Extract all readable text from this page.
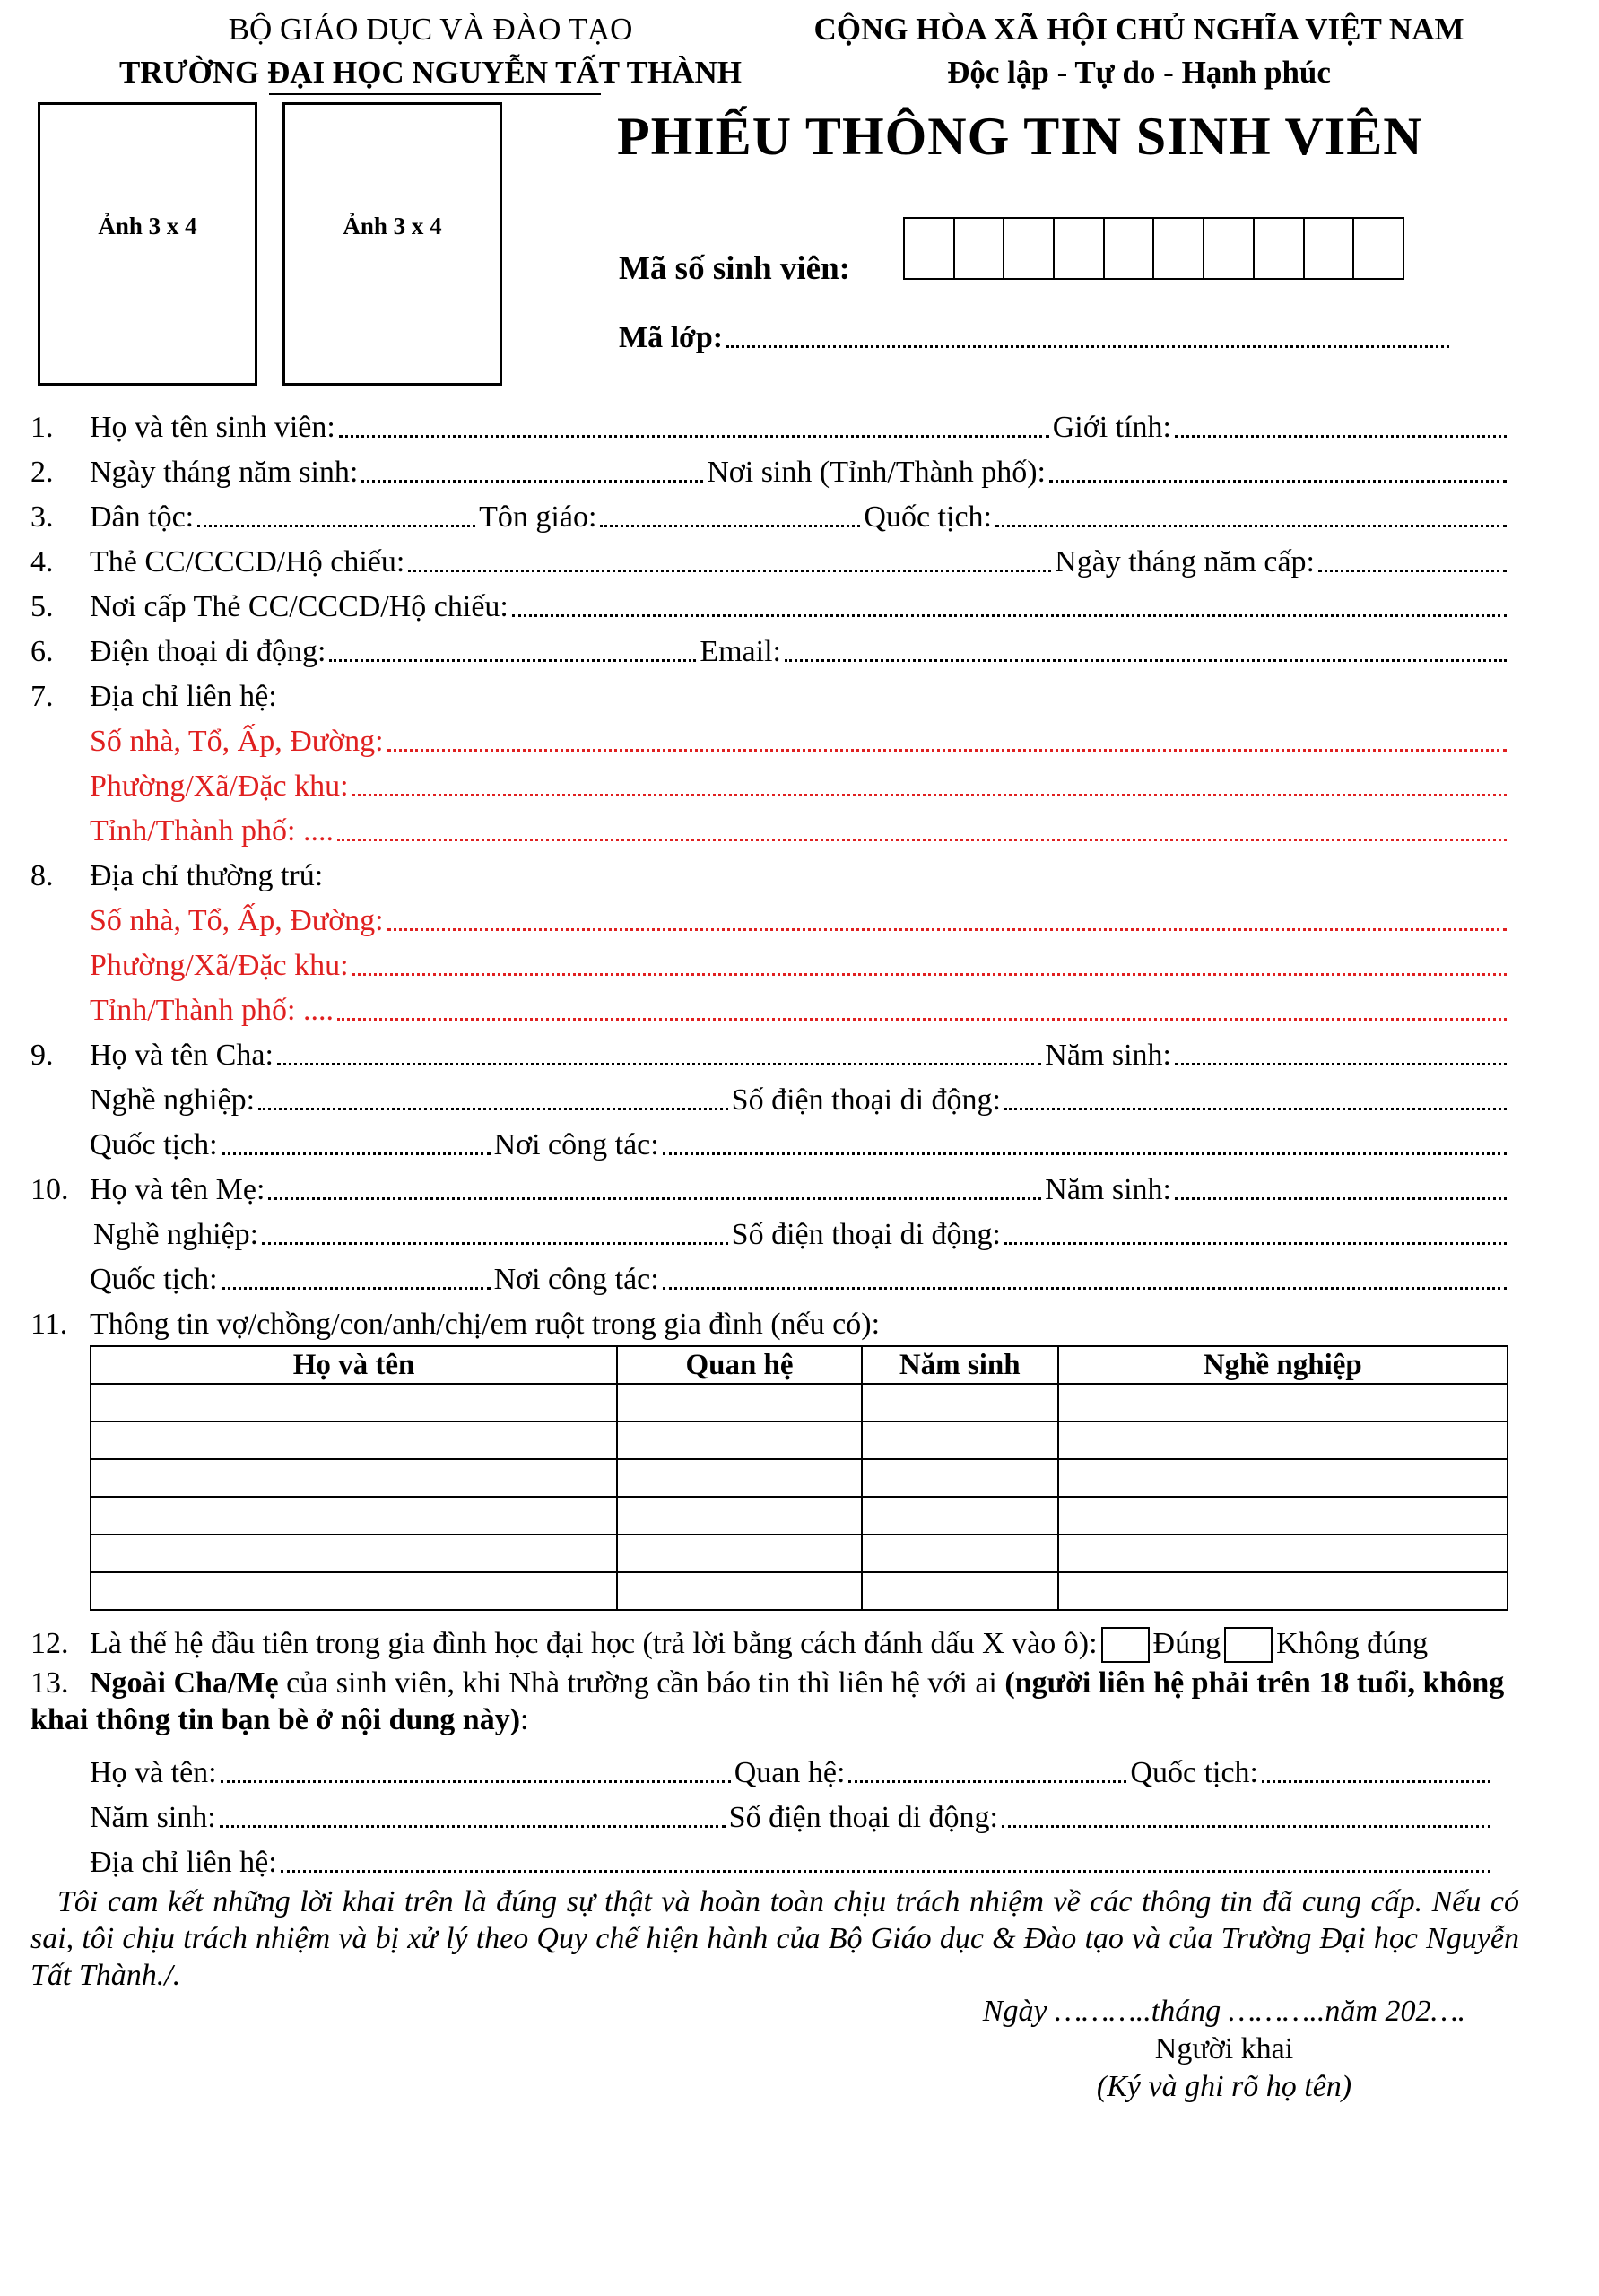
BỘ GIÁO DỤC VÀ ĐÀO TẠO
TRƯỜNG ĐẠI HỌC NGUYỄN TẤT THÀNH
CỘNG HÒA XÃ HỘI CHỦ NGHĨA VIỆT NAM
Độc lập - Tự do - Hạnh phúc
Ảnh 3 x 4	Ảnh 3 x 4
PHIẾU THÔNG TIN SINH VIÊN
Mã số sinh viên:
Mã lớp:
1.	Họ và tên sinh viên:	Giới tính:
2.	Ngày tháng năm sinh:	Nơi sinh (Tỉnh/Thành phố):
3.	Dân tộc:	Tôn giáo:	Quốc tịch:
4.	Thẻ CC/CCCD/Hộ chiếu:	Ngày tháng năm cấp:
5.	Nơi cấp Thẻ CC/CCCD/Hộ chiếu:
6.	Điện thoại di động:	Email:
7.	Địa chỉ liên hệ:
Số nhà, Tổ, Ấp, Đường:
Phường/Xã/Đặc khu:
Tỉnh/Thành phố: ....
8.	Địa chỉ thường trú:
Số nhà, Tổ, Ấp, Đường:
Phường/Xã/Đặc khu:
Tỉnh/Thành phố: ....
9.	Họ và tên Cha:	Năm sinh:
Nghề nghiệp:	Số điện thoại di động:
Quốc tịch:	Nơi công tác:
10. Họ và tên Mẹ:	Năm sinh:
Nghề nghiệp:	Số điện thoại di động:
Quốc tịch:	Nơi công tác:
11. Thông tin vợ/chồng/con/anh/chị/em ruột trong gia đình (nếu có):
Họ và tên	Quan hệ	Năm sinh	Nghề nghiệp

12. Là thế hệ đầu tiên trong gia đình học đại học (trả lời bằng cách đánh dấu X vào ô): Đúng Không đúng
13. Ngoài Cha/Mẹ của sinh viên, khi Nhà trường cần báo tin thì liên hệ với ai (người liên hệ phải trên 18 tuổi, không khai thông tin bạn bè ở nội dung này):
Họ và tên:	Quan hệ:	Quốc tịch:
Năm sinh:	Số điện thoại di động:
Địa chỉ liên hệ:
Tôi cam kết những lời khai trên là đúng sự thật và hoàn toàn chịu trách nhiệm về các thông tin đã cung cấp. Nếu có sai, tôi chịu trách nhiệm và bị xử lý theo Quy chế hiện hành của Bộ Giáo dục & Đào tạo và của Trường Đại học Nguyễn Tất Thành./.
Ngày ………..tháng ………..năm 202….
Người khai
(Ký và ghi rõ họ tên)
